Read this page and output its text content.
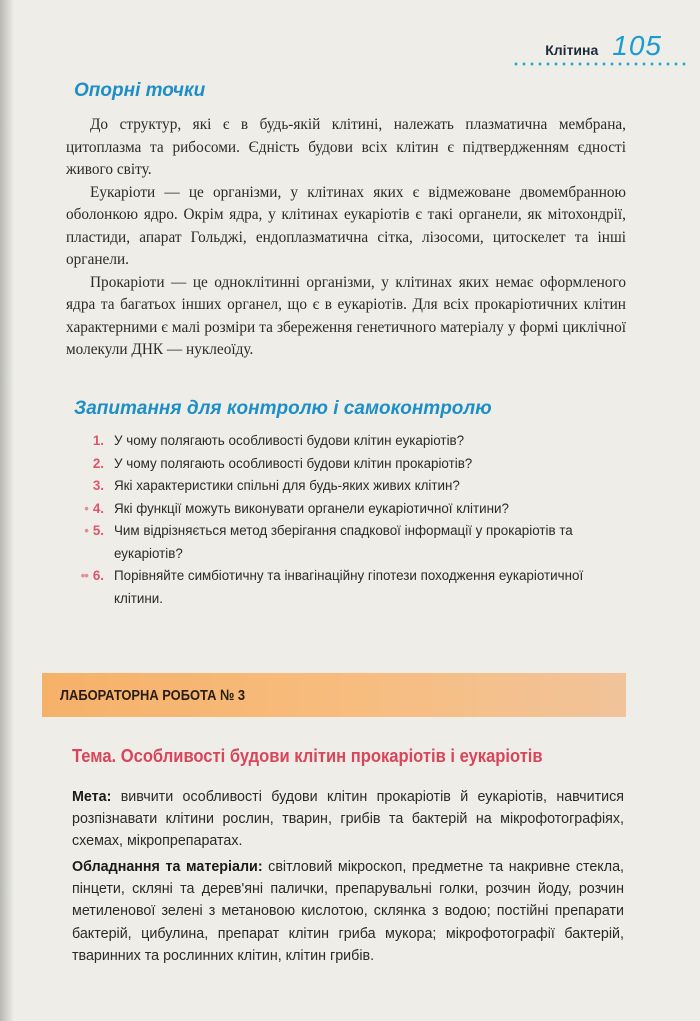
Клітина 105
Опорні точки

До структур, які є в будь-якій клітині, належать плазматична мембрана, цитоплазма та рибосоми. Єдність будови всіх клітин є підтвердженням єдності живого світу.

Еукаріоти — це організми, у клітинах яких є відмежоване двомембранною оболонкою ядро. Окрім ядра, у клітинах еукаріотів є такі органели, як мітохондрії, пластиди, апарат Гольджі, ендоплазматична сітка, лізосоми, цитоскелет та інші органели.

Прокаріоти — це одноклітинні організми, у клітинах яких немає оформленого ядра та багатьох інших органел, що є в еукаріотів. Для всіх прокаріотичних клітин характерними є малі розміри та збереження генетичного матеріалу у формі циклічної молекули ДНК — нуклеоїду.

Запитання для контролю і самоконтролю
1. У чому полягають особливості будови клітин еукаріотів?
2. У чому полягають особливості будови клітин прокаріотів?
3. Які характеристики спільні для будь-яких живих клітин?
• 4. Які функції можуть виконувати органели еукаріотичної клітини?
• 5. Чим відрізняється метод зберігання спадкової інформації у прокаріотів та еукаріотів?
•• 6. Порівняйте симбіотичну та інвагінаційну гіпотези походження еукаріотичної клітини.
ЛАБОРАТОРНА РОБОТА № 3
Тема. Особливості будови клітин прокаріотів і еукаріотів

Мета: вивчити особливості будови клітин прокаріотів й еукаріотів, навчитися розпізнавати клітини рослин, тварин, грибів та бактерій на мікрофотографіях, схемах, мікропрепаратах.

Обладнання та матеріали: світловий мікроскоп, предметне та накривне стекла, пінцети, скляні та дерев'яні палички, препарувальні голки, розчин йоду, розчин метиленової зелені з метановою кислотою, склянка з водою; постійні препарати бактерій, цибулина, препарат клітин гриба мукора; мікрофотографії бактерій, тваринних та рослинних клітин, клітин грибів.
